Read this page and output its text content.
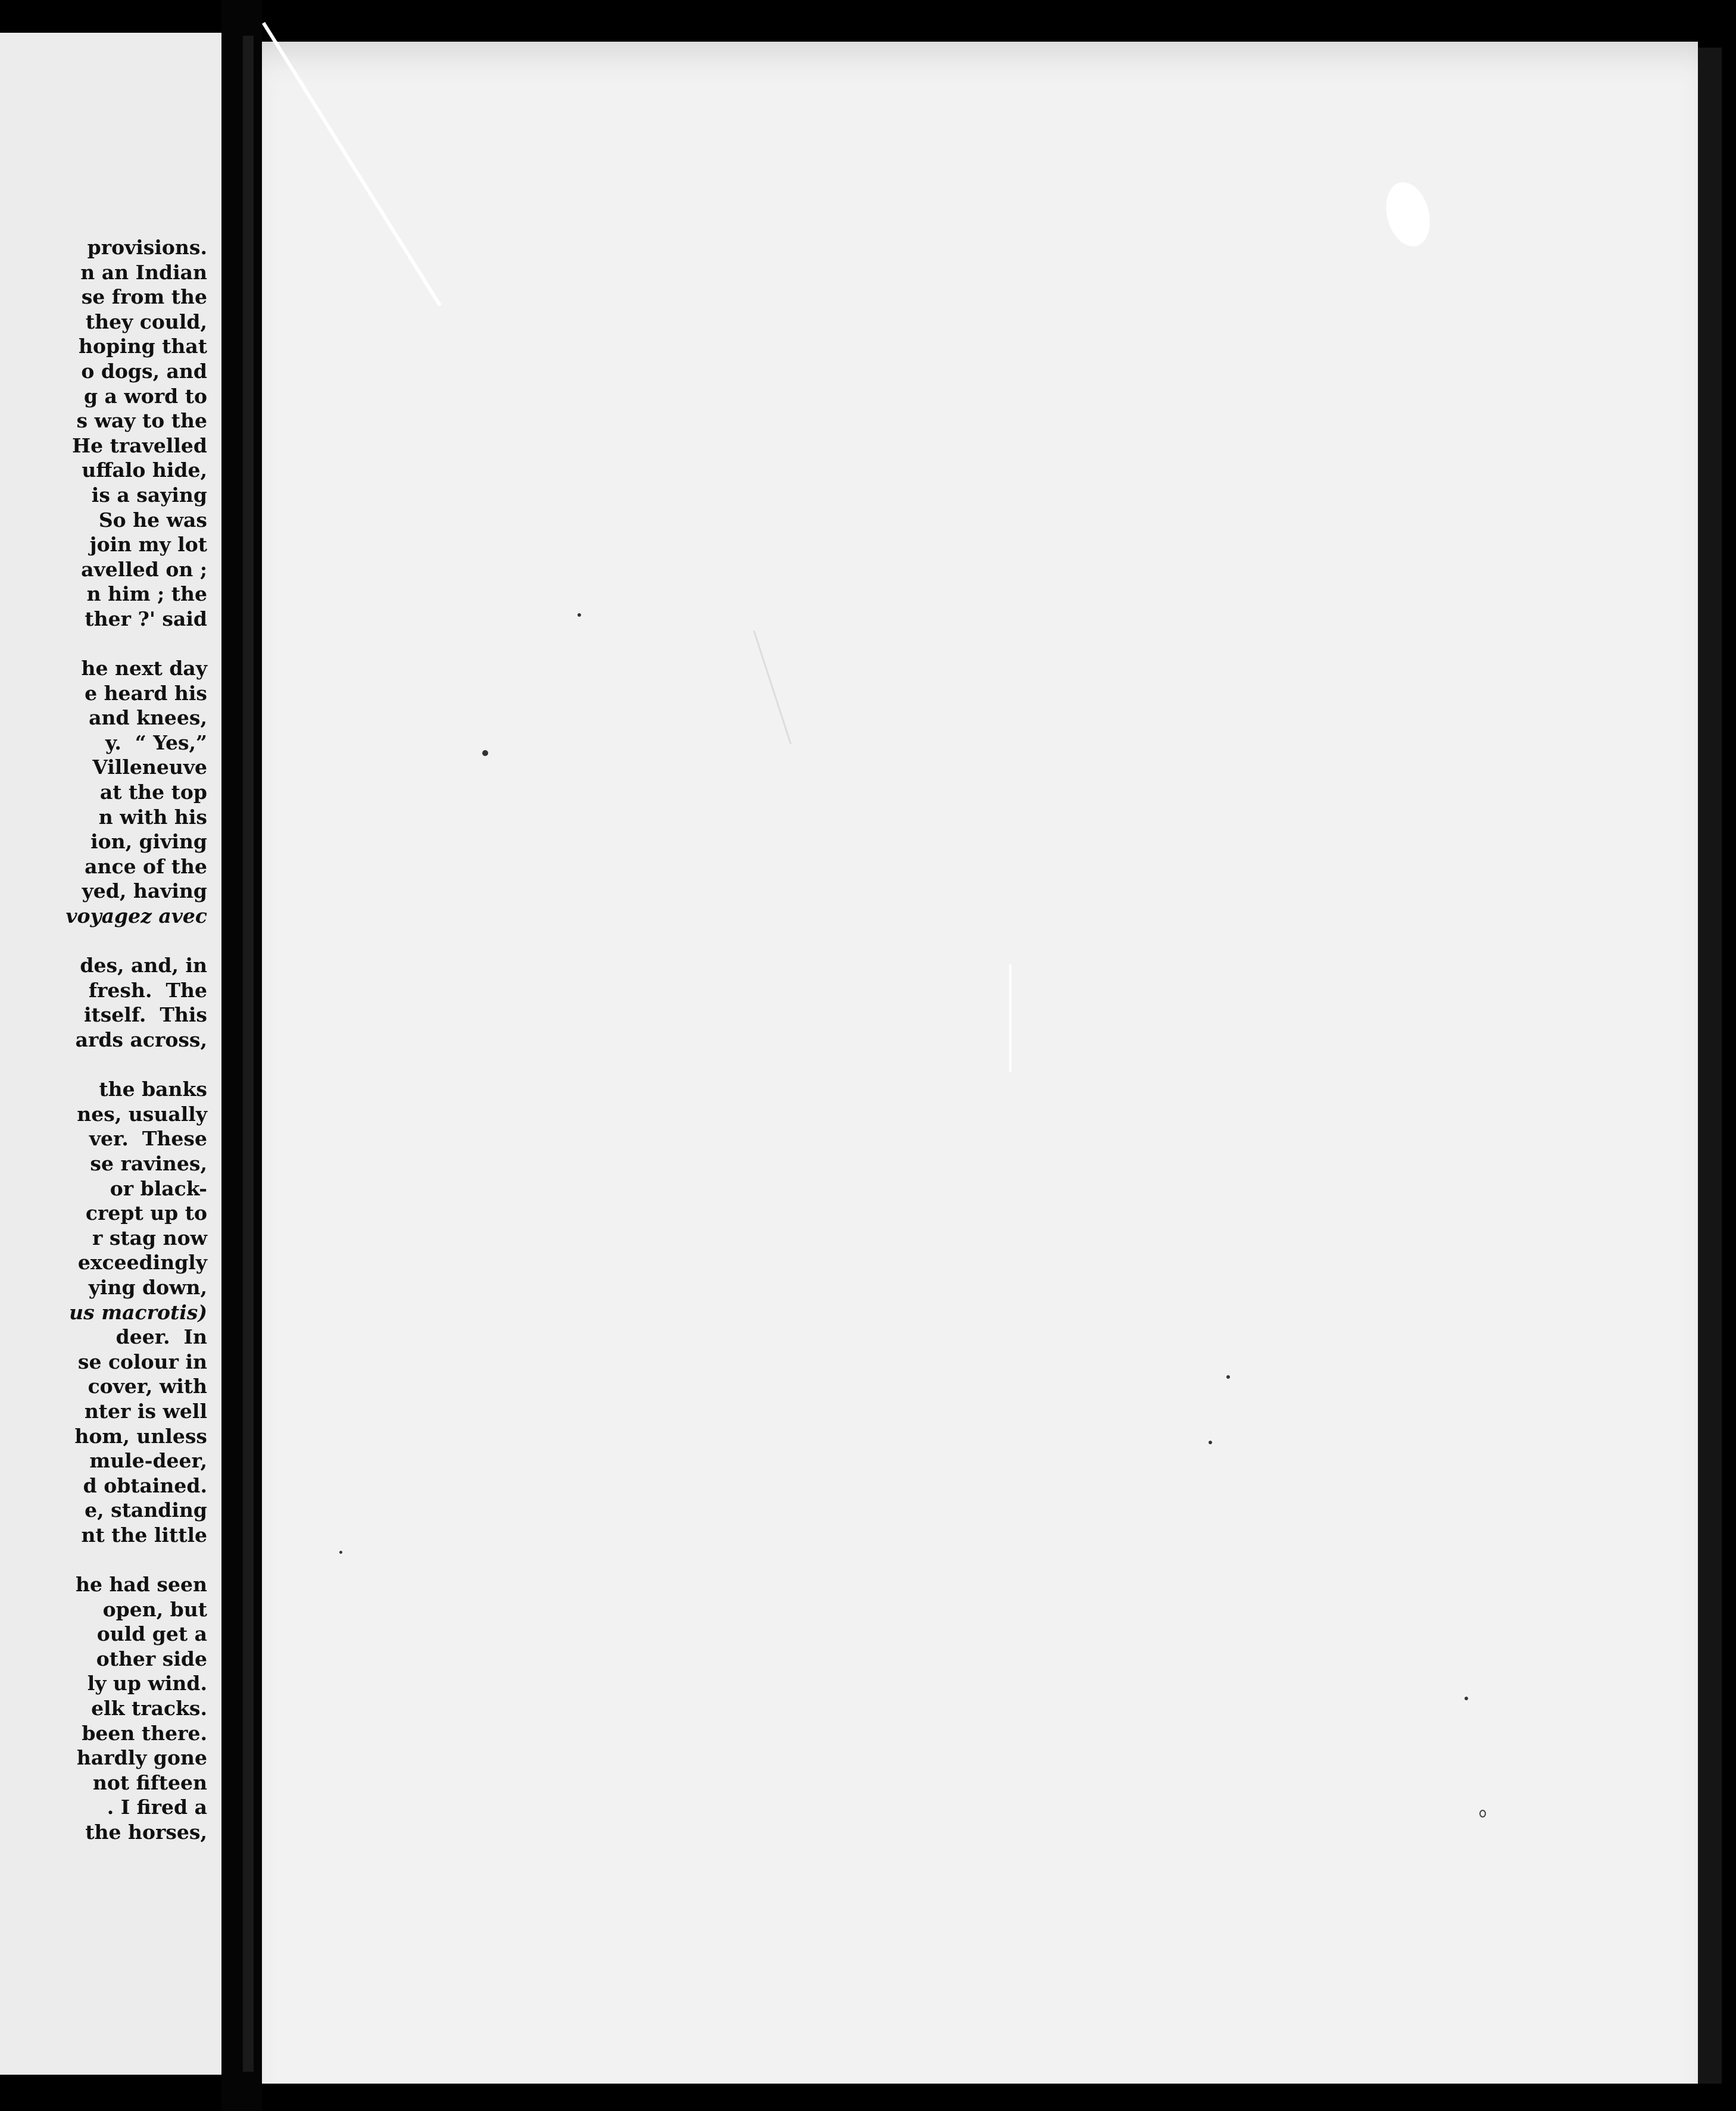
provisions.
n an Indian
se from the
they could,
hoping that
o dogs, and
g a word to
s way to the
He travelled
uffalo hide,
is a saying
So he was
join my lot
avelled on ;
n him ; the
ther ?' said
he next day
e heard his
and knees,
y.  “ Yes,”
Villeneuve
at the top
n with his
ion, giving
ance of the
yed, having
voyagez avec
des, and, in
fresh.  The
itself.  This
ards across,
the banks
nes, usually
ver.  These
se ravines,
or black-
crept up to
r stag now
exceedingly
ying down,
us macrotis)
deer.  In
se colour in
cover, with
nter is well
hom, unless
mule-deer,
d obtained.
e, standing
nt the little
he had seen
open, but
ould get a
other side
ly up wind.
elk tracks.
been there.
hardly gone
not fifteen
. I fired a
the horses,
